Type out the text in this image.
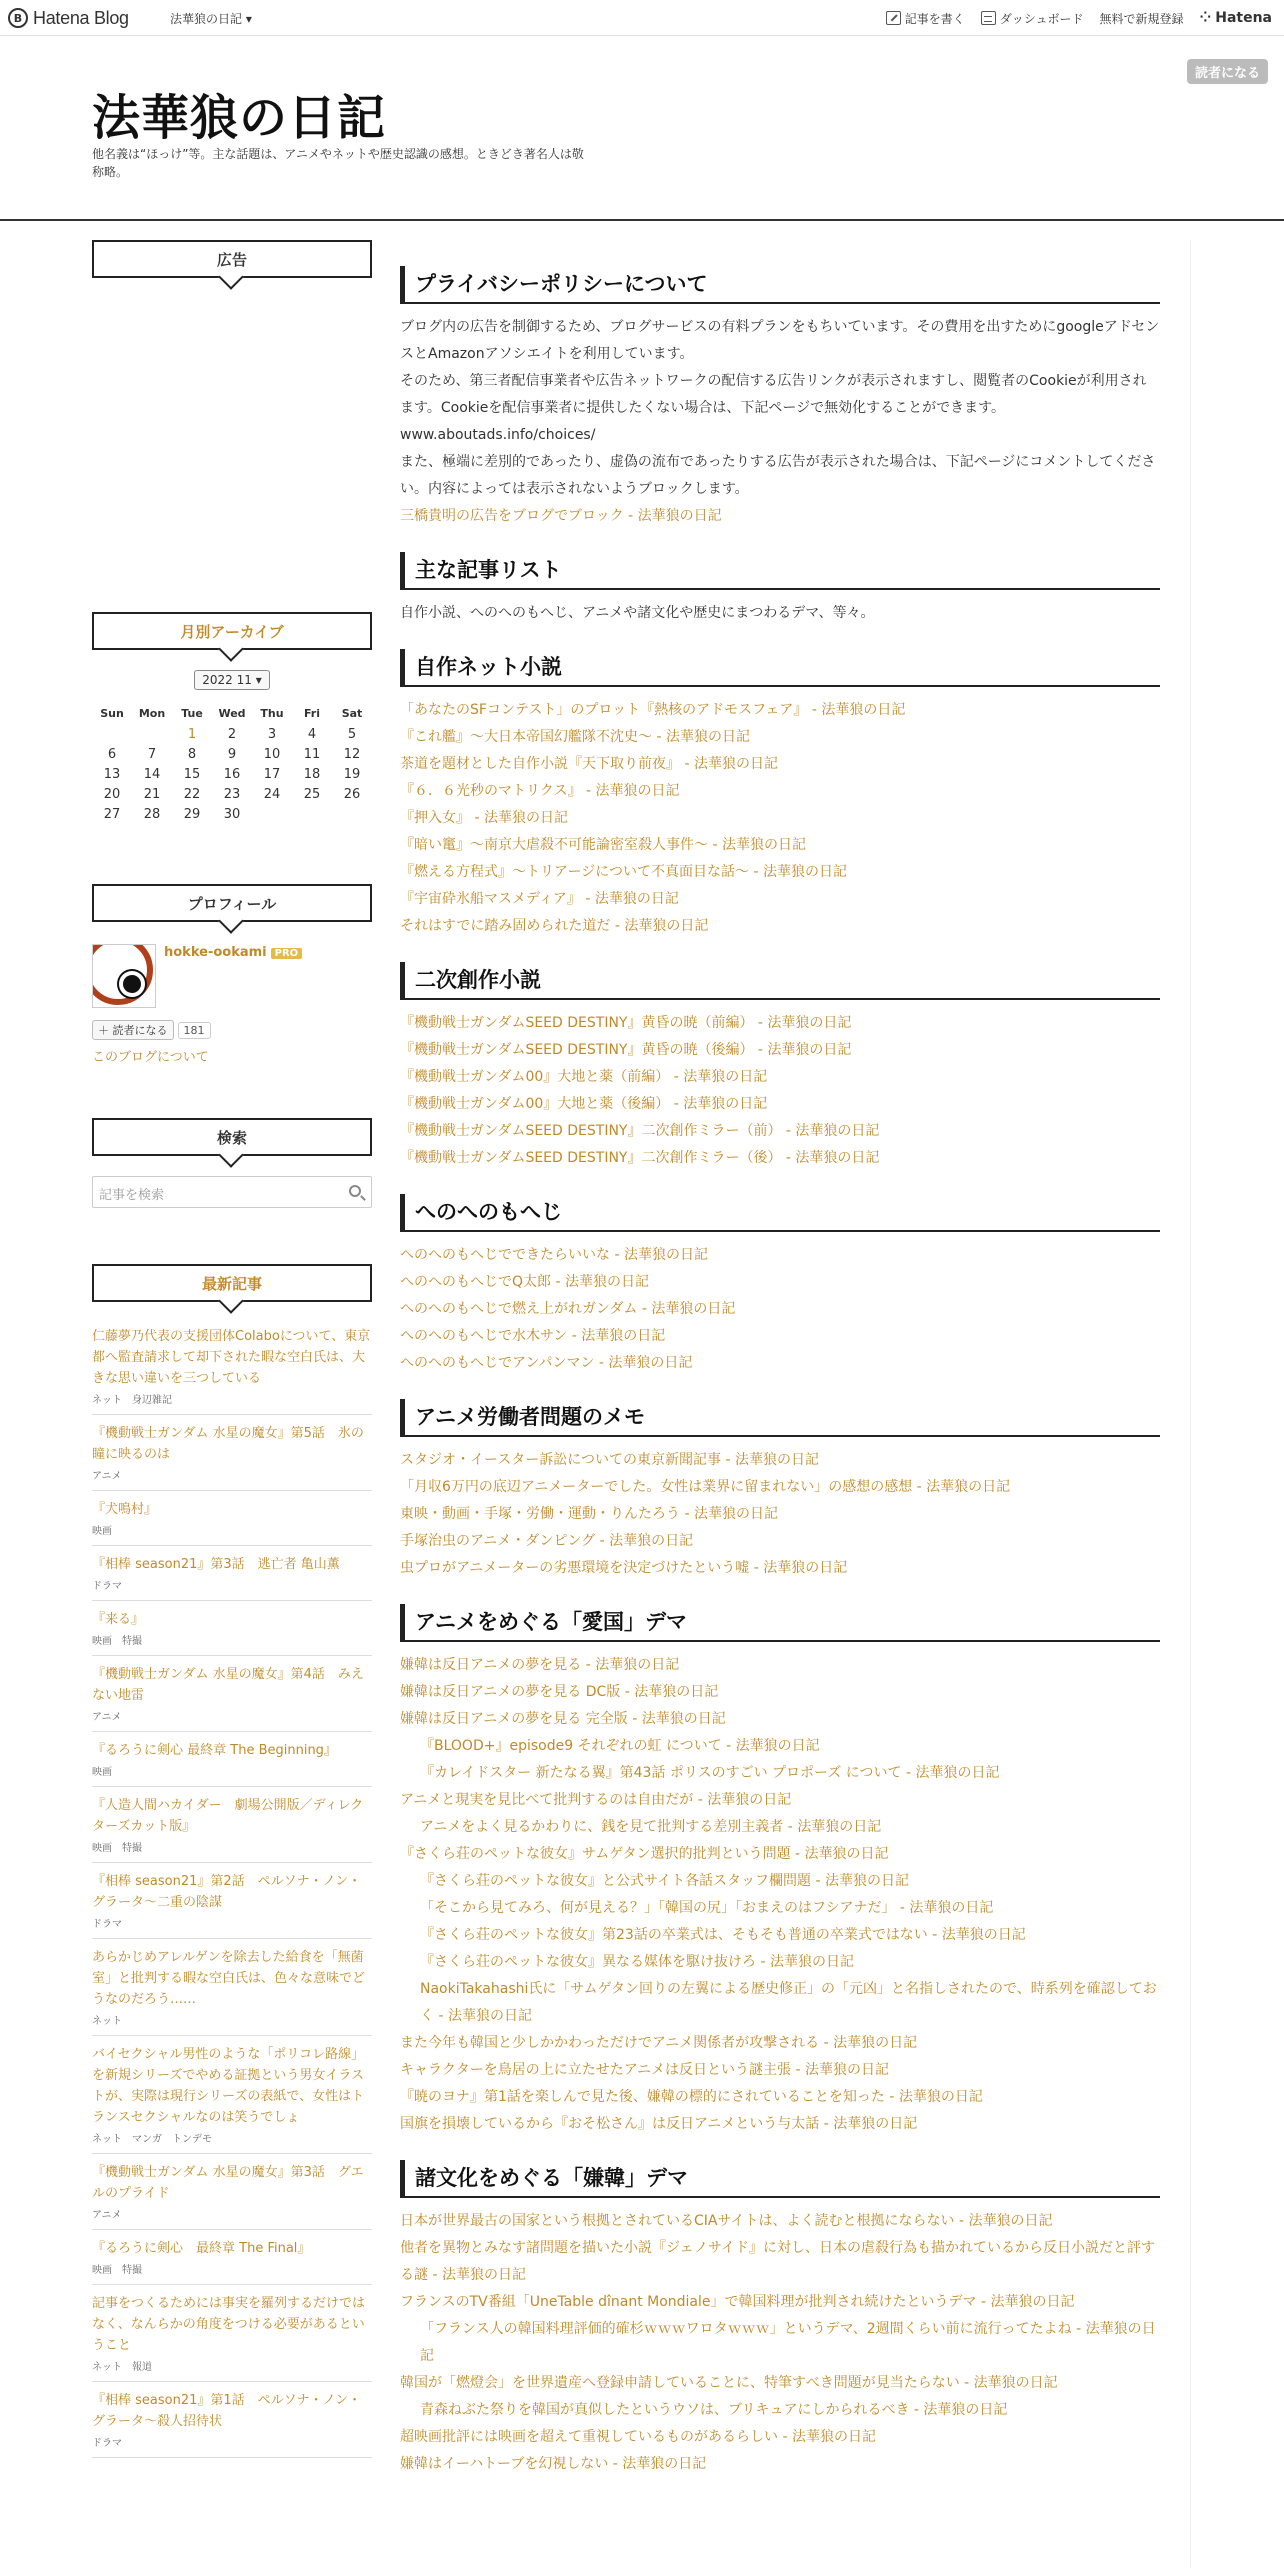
B Hatena Blog	法華狼の日記 ▾	記事を書く	ダッシュボード 無料で新規登録 ⁘ Hatena
法華狼の日記
他名義は“ほっけ”等。主な話題は、アニメやネットや歴史認識の感想。ときどき著名人は敬称略。
読者になる
広告
月別アーカイブ
2022 11 ▾
Sun	Mon	Tue	Wed	Thu	Fri	Sat
		1	2	3	4	5
6	7	8	9	10	11	12
13	14	15	16	17	18	19
20	21	22	23	24	25	26
27	28	29	30			
プロフィール
hokke-ookami PRO
＋ 読者になる	181
このブログについて
検索
記事を検索
最新記事
仁藤夢乃代表の支援団体Colaboについて、東京都へ監査請求して却下された暇な空白氏は、大きな思い違いを三つしている
ネット　身辺雑記
『機動戦士ガンダム 水星の魔女』第5話　氷の瞳に映るのは
アニメ
『犬鳴村』
映画
『相棒 season21』第3話　逃亡者 亀山薫
ドラマ
『来る』
映画　特撮
『機動戦士ガンダム 水星の魔女』第4話　みえない地雷
アニメ
『るろうに剣心 最終章 The Beginning』
映画
『人造人間ハカイダー　劇場公開版／ディレクターズカット版』
映画　特撮
『相棒 season21』第2話　ペルソナ・ノン・グラータ～二重の陰謀
ドラマ
あらかじめアレルゲンを除去した給食を「無菌室」と批判する暇な空白氏は、色々な意味でどうなのだろう……
ネット
バイセクシャル男性のような「ポリコレ路線」を新規シリーズでやめる証拠という男女イラストが、実際は現行シリーズの表紙で、女性はトランスセクシャルなのは笑うでしょ
ネット　マンガ　トンデモ
『機動戦士ガンダム 水星の魔女』第3話　グエルのプライド
アニメ
『るろうに剣心　最終章 The Final』
映画　特撮
記事をつくるためには事実を羅列するだけではなく、なんらかの角度をつける必要があるということ
ネット　報道
『相棒 season21』第1話　ペルソナ・ノン・グラータ～殺人招待状
ドラマ
プライバシーポリシーについて
ブログ内の広告を制御するため、ブログサービスの有料プランをもちいています。その費用を出すためにgoogleアドセンスとAmazonアソシエイトを利用しています。
そのため、第三者配信事業者や広告ネットワークの配信する広告リンクが表示されますし、閲覧者のCookieが利用されます。Cookieを配信事業者に提供したくない場合は、下記ページで無効化することができます。
www.aboutads.info/choices/
また、極端に差別的であったり、虚偽の流布であったりする広告が表示された場合は、下記ページにコメントしてください。内容によっては表示されないようブロックします。
三橋貴明の広告をブログでブロック - 法華狼の日記
主な記事リスト
自作小説、へのへのもへじ、アニメや諸文化や歴史にまつわるデマ、等々。
自作ネット小説
「あなたのSFコンテスト」のプロット『熱核のアドモスフェア』 - 法華狼の日記
『これ艦』〜大日本帝国幻艦隊不沈史〜 - 法華狼の日記
茶道を題材とした自作小説『天下取り前夜』 - 法華狼の日記
『６．６光秒のマトリクス』 - 法華狼の日記
『押入女』 - 法華狼の日記
『暗い竃』〜南京大虐殺不可能論密室殺人事件〜 - 法華狼の日記
『燃える方程式』〜トリアージについて不真面目な話〜 - 法華狼の日記
『宇宙砕氷船マスメディア』 - 法華狼の日記
それはすでに踏み固められた道だ - 法華狼の日記
二次創作小説
『機動戦士ガンダムSEED DESTINY』黄昏の暁（前編） - 法華狼の日記
『機動戦士ガンダムSEED DESTINY』黄昏の暁（後編） - 法華狼の日記
『機動戦士ガンダム00』大地と薬（前編） - 法華狼の日記
『機動戦士ガンダム00』大地と薬（後編） - 法華狼の日記
『機動戦士ガンダムSEED DESTINY』二次創作ミラー（前） - 法華狼の日記
『機動戦士ガンダムSEED DESTINY』二次創作ミラー（後） - 法華狼の日記
へのへのもへじ
へのへのもへじでできたらいいな - 法華狼の日記
へのへのもへじでQ太郎 - 法華狼の日記
へのへのもへじで燃え上がれガンダム - 法華狼の日記
へのへのもへじで水木サン - 法華狼の日記
へのへのもへじでアンパンマン - 法華狼の日記
アニメ労働者問題のメモ
スタジオ・イースター訴訟についての東京新聞記事 - 法華狼の日記
「月収6万円の底辺アニメーターでした。女性は業界に留まれない」の感想の感想 - 法華狼の日記
東映・動画・手塚・労働・運動・りんたろう - 法華狼の日記
手塚治虫のアニメ・ダンピング - 法華狼の日記
虫プロがアニメーターの劣悪環境を決定づけたという嘘 - 法華狼の日記
アニメをめぐる「愛国」デマ
嫌韓は反日アニメの夢を見る - 法華狼の日記
嫌韓は反日アニメの夢を見る DC版 - 法華狼の日記
嫌韓は反日アニメの夢を見る 完全版 - 法華狼の日記
『BLOOD+』episode9 それぞれの虹 について - 法華狼の日記
『カレイドスター 新たなる翼』第43話 ポリスのすごい プロポーズ について - 法華狼の日記
アニメと現実を見比べて批判するのは自由だが - 法華狼の日記
アニメをよく見るかわりに、銭を見て批判する差別主義者 - 法華狼の日記
『さくら荘のペットな彼女』サムゲタン選択的批判という問題 - 法華狼の日記
『さくら荘のペットな彼女』と公式サイト各話スタッフ欄問題 - 法華狼の日記
「そこから見てみろ、何が見える？」「韓国の尻」「おまえのはフシアナだ」 - 法華狼の日記
『さくら荘のペットな彼女』第23話の卒業式は、そもそも普通の卒業式ではない - 法華狼の日記
『さくら荘のペットな彼女』異なる媒体を駆け抜けろ - 法華狼の日記
NaokiTakahashi氏に「サムゲタン回りの左翼による歴史修正」の「元凶」と名指しされたので、時系列を確認しておく - 法華狼の日記
また今年も韓国と少しかかわっただけでアニメ関係者が攻撃される - 法華狼の日記
キャラクターを鳥居の上に立たせたアニメは反日という謎主張 - 法華狼の日記
『暁のヨナ』第1話を楽しんで見た後、嫌韓の標的にされていることを知った - 法華狼の日記
国旗を損壊しているから『おそ松さん』は反日アニメという与太話 - 法華狼の日記
諸文化をめぐる「嫌韓」デマ
日本が世界最古の国家という根拠とされているCIAサイトは、よく読むと根拠にならない - 法華狼の日記
他者を異物とみなす諸問題を描いた小説『ジェノサイド』に対し、日本の虐殺行為も描かれているから反日小説だと評する謎 - 法華狼の日記
フランスのTV番組「UneTable dînant Mondiale」で韓国料理が批判され続けたというデマ - 法華狼の日記
「フランス人の韓国料理評価的確杉ｗｗｗワロタｗｗｗ」というデマ、2週間くらい前に流行ってたよね - 法華狼の日記
韓国が「燃燈会」を世界遺産へ登録申請していることに、特筆すべき問題が見当たらない - 法華狼の日記
青森ねぶた祭りを韓国が真似したというウソは、ブリキュアにしかられるべき - 法華狼の日記
超映画批評には映画を超えて重視しているものがあるらしい - 法華狼の日記
嫌韓はイーハトーブを幻視しない - 法華狼の日記
